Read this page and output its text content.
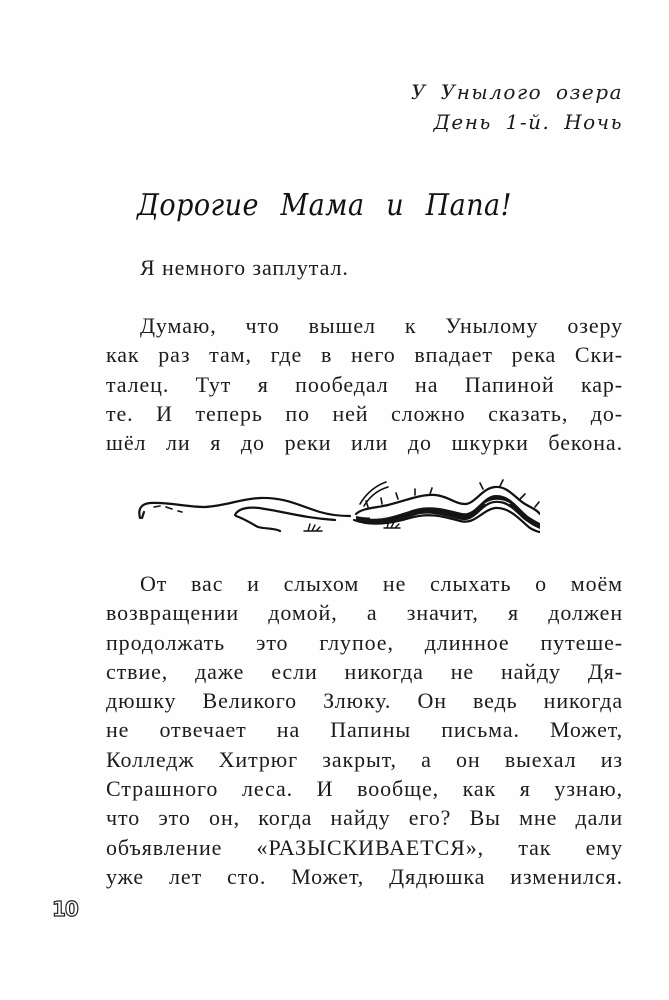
У Унылого озера
День 1-й. Ночь
Дорогие Мама и Папа!
Я немного заплутал.
Думаю, что вышел к Унылому озеру
как раз там, где в него впадает река Ски-
талец. Тут я пообедал на Папиной кар-
те. И теперь по ней сложно сказать, до-
шёл ли я до реки или до шкурки бекона.
От вас и слыхом не слыхать о моём
возвращении домой, а значит, я должен
продолжать это глупое, длинное путеше-
ствие, даже если никогда не найду Дя-
дюшку Великого Злюку. Он ведь никогда
не отвечает на Папины письма. Может,
Колледж Хитрюг закрыт, а он выехал из
Страшного леса. И вообще, как я узнаю,
что это он, когда найду его? Вы мне дали
объявление «РАЗЫСКИВАЕТСЯ», так ему
уже лет сто. Может, Дядюшка изменился.
10
